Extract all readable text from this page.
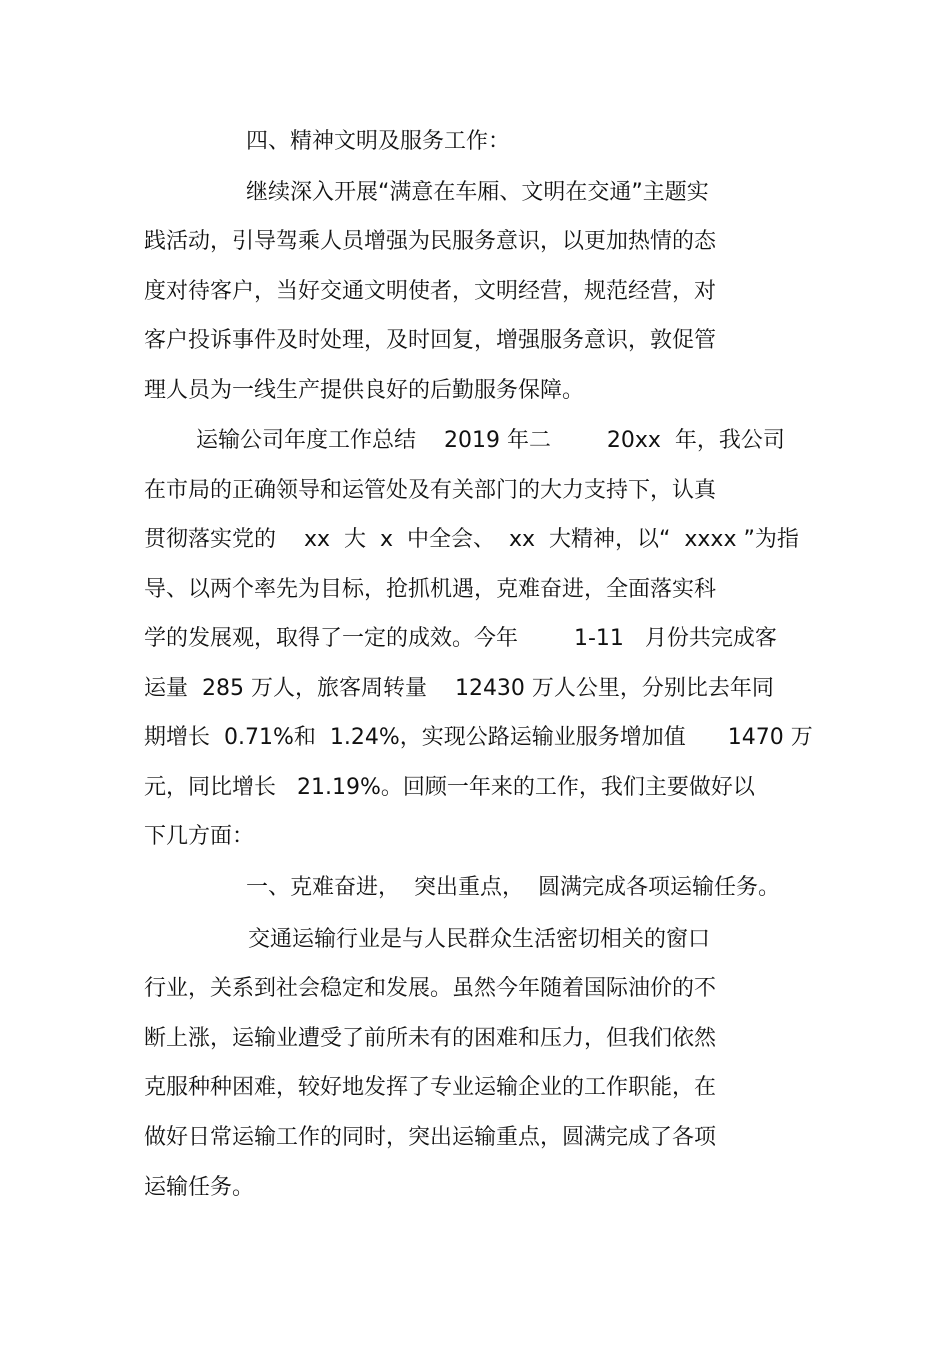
四、精神文明及服务工作：

继续深入开展“满意在车厢、文明在交通”主题实

践活动，引导驾乘人员增强为民服务意识，以更加热情的态

度对待客户，当好交通文明使者，文明经营，规范经营，对

客户投诉事件及时处理，及时回复，增强服务意识，敦促管

理人员为一线生产提供良好的后勤服务保障。

运输公司年度工作总结    2019 年二        20xx  年，我公司

在市局的正确领导和运管处及有关部门的大力支持下，认真

贯彻落实党的    xx  大  x  中全会、  xx  大精神，以“  xxxx ”为指

导、以两个率先为目标，抢抓机遇，克难奋进，全面落实科

学的发展观，取得了一定的成效。今年        1-11   月份共完成客

运量  285 万人，旅客周转量    12430 万人公里，分别比去年同

期增长  0.71%和  1.24%，实现公路运输业服务增加值      1470 万

元，同比增长   21.19%。回顾一年来的工作，我们主要做好以

下几方面：

一、克难奋进，  突出重点，  圆满完成各项运输任务。

交通运输行业是与人民群众生活密切相关的窗口

行业，关系到社会稳定和发展。虽然今年随着国际油价的不

断上涨，运输业遭受了前所未有的困难和压力，但我们依然

克服种种困难，较好地发挥了专业运输企业的工作职能，在

做好日常运输工作的同时，突出运输重点，圆满完成了各项

运输任务。
